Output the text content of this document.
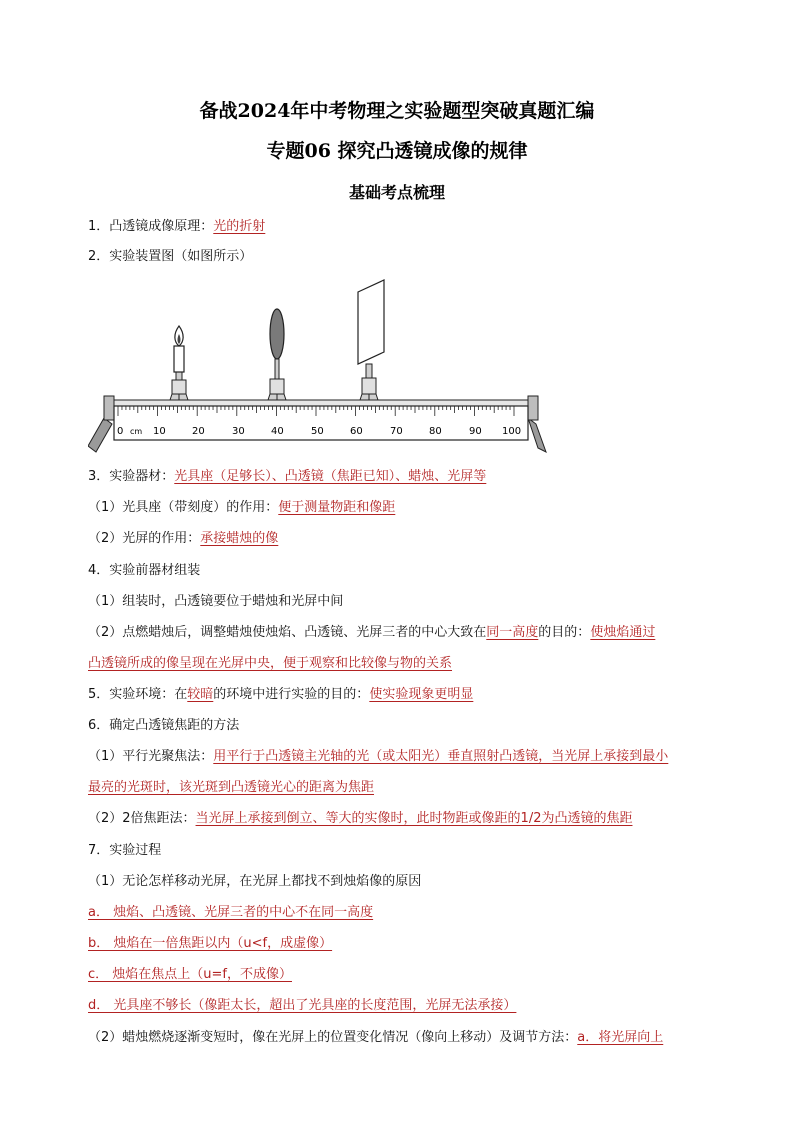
备战2024年中考物理之实验题型突破真题汇编
专题06 探究凸透镜成像的规律
基础考点梳理
1．凸透镜成像原理：光的折射
2．实验装置图（如图所示）
0 cm 10	20	30	40	50	60	70	80	90 100
3．实验器材：光具座（足够长）、凸透镜（焦距已知）、蜡烛、光屏等
（1）光具座（带刻度）的作用：便于测量物距和像距
（2）光屏的作用：承接蜡烛的像
4．实验前器材组装
（1）组装时，凸透镜要位于蜡烛和光屏中间
（2）点燃蜡烛后，调整蜡烛使烛焰、凸透镜、光屏三者的中心大致在同一高度的目的：使烛焰通过
凸透镜所成的像呈现在光屏中央，便于观察和比较像与物的关系
5．实验环境：在较暗的环境中进行实验的目的：使实验现象更明显
6．确定凸透镜焦距的方法
（1）平行光聚焦法：用平行于凸透镜主光轴的光（或太阳光）垂直照射凸透镜，当光屏上承接到最小
最亮的光斑时，该光斑到凸透镜光心的距离为焦距
（2）2倍焦距法：当光屏上承接到倒立、等大的实像时，此时物距或像距的1/2为凸透镜的焦距
7．实验过程
（1）无论怎样移动光屏，在光屏上都找不到烛焰像的原因
a． 烛焰、凸透镜、光屏三者的中心不在同一高度
b． 烛焰在一倍焦距以内（u<f，成虚像）
c． 烛焰在焦点上（u=f，不成像）
d． 光具座不够长（像距太长，超出了光具座的长度范围，光屏无法承接）
（2）蜡烛燃烧逐渐变短时，像在光屏上的位置变化情况（像向上移动）及调节方法：a．将光屏向上
